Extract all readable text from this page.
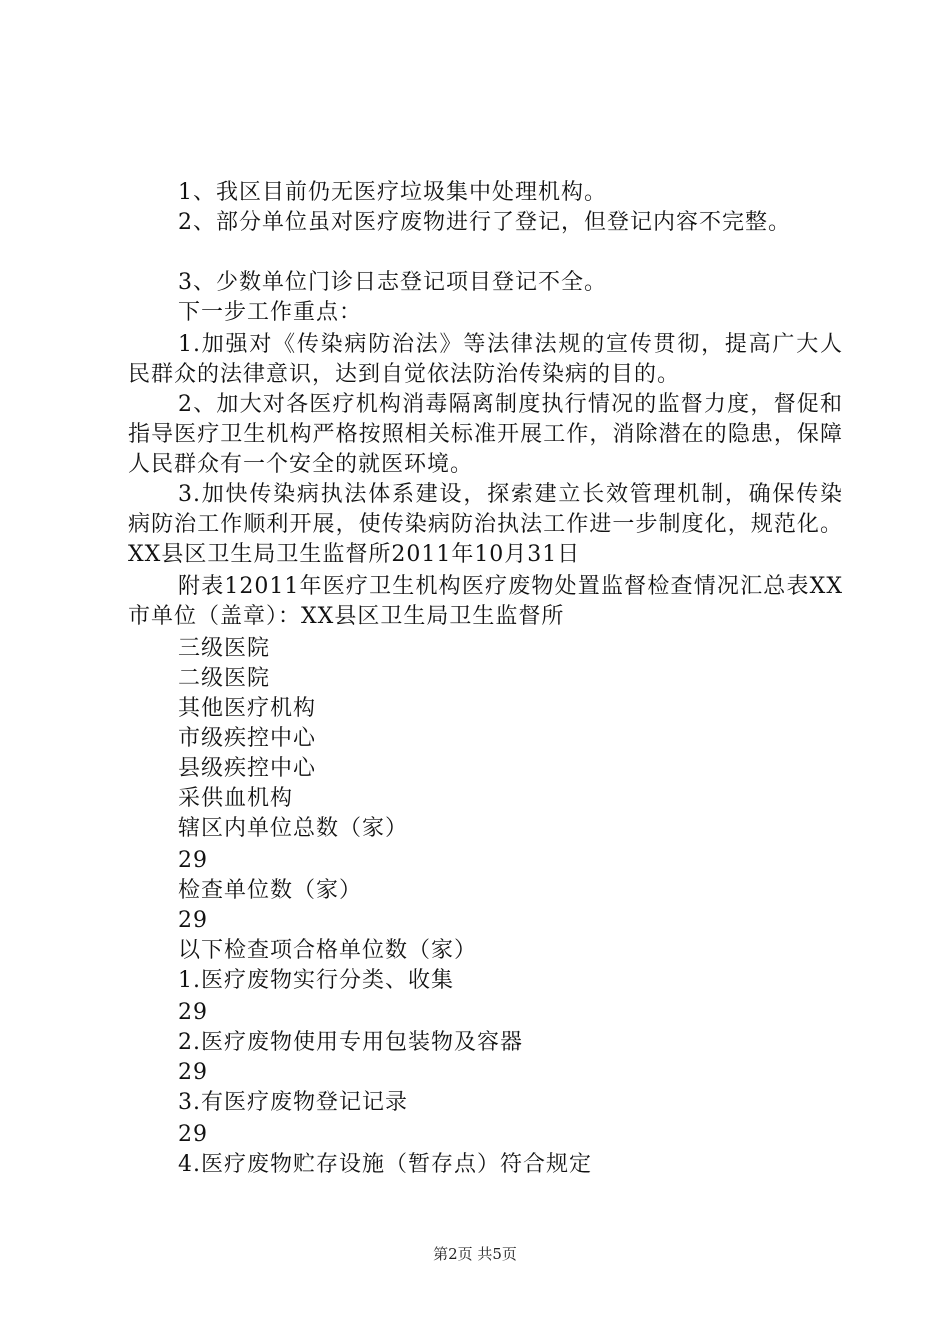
1、我区目前仍无医疗垃圾集中处理机构。
2、部分单位虽对医疗废物进行了登记，但登记内容不完整。
3、少数单位门诊日志登记项目登记不全。
下一步工作重点：
1.加强对《传染病防治法》等法律法规的宣传贯彻，提高广大人民群众的法律意识，达到自觉依法防治传染病的目的。
2、加大对各医疗机构消毒隔离制度执行情况的监督力度，督促和指导医疗卫生机构严格按照相关标准开展工作，消除潜在的隐患，保障人民群众有一个安全的就医环境。
3.加快传染病执法体系建设，探索建立长效管理机制，确保传染病防治工作顺利开展，使传染病防治执法工作进一步制度化，规范化。XX县区卫生局卫生监督所2011年10月31日
附表12011年医疗卫生机构医疗废物处置监督检查情况汇总表XX市单位（盖章）：XX县区卫生局卫生监督所
三级医院
二级医院
其他医疗机构
市级疾控中心
县级疾控中心
采供血机构
辖区内单位总数（家）
29
检查单位数（家）
29
以下检查项合格单位数（家）
1.医疗废物实行分类、收集
29
2.医疗废物使用专用包装物及容器
29
3.有医疗废物登记记录
29
4.医疗废物贮存设施（暂存点）符合规定
第2页 共5页
